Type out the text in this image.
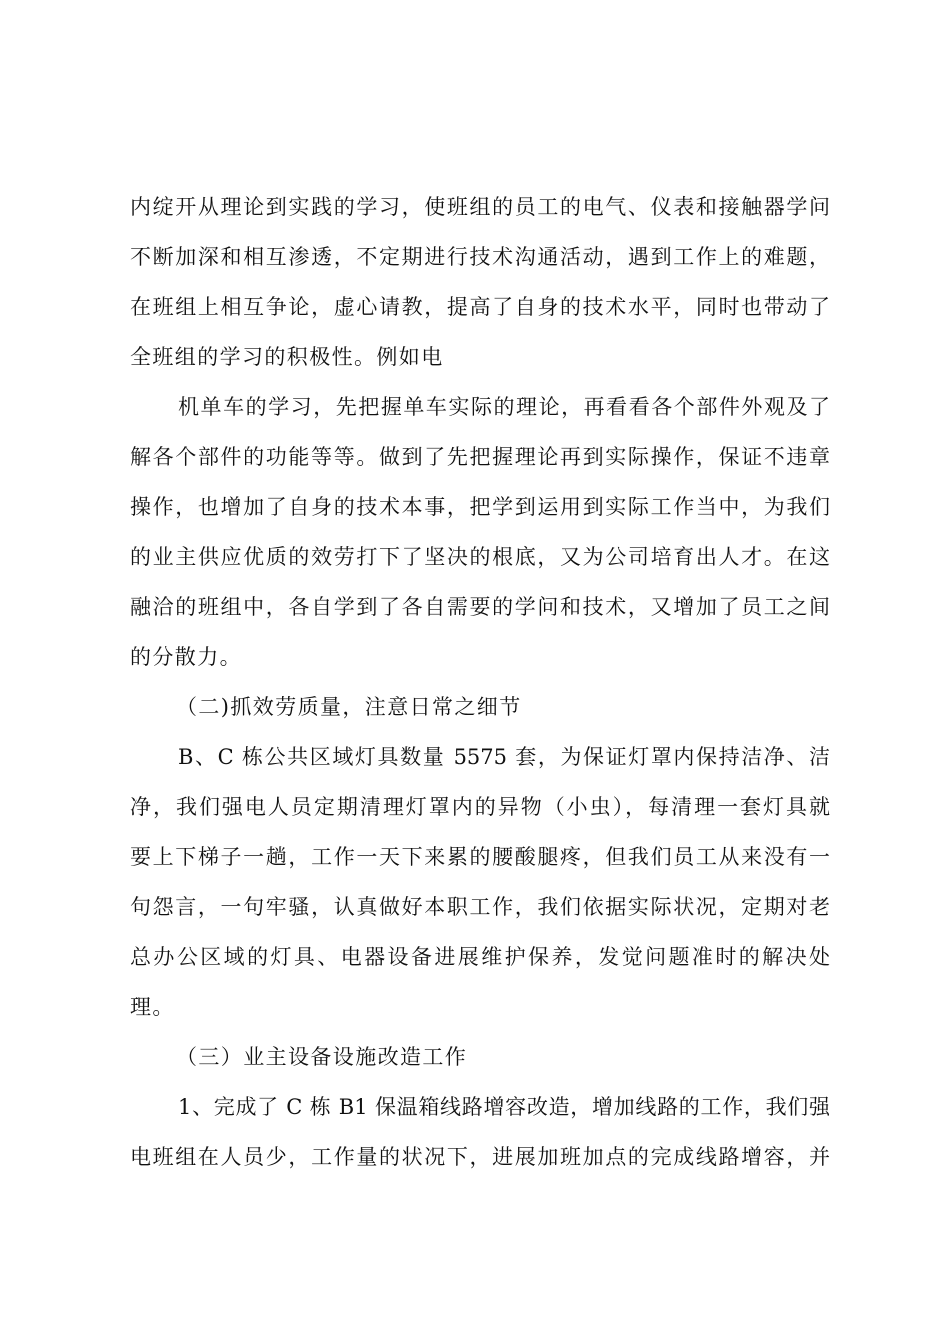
内绽开从理论到实践的学习，使班组的员工的电气、仪表和接触器学问
不断加深和相互渗透，不定期进行技术沟通活动，遇到工作上的难题，
在班组上相互争论，虚心请教，提高了自身的技术水平，同时也带动了
全班组的学习的积极性。例如电
机单车的学习，先把握单车实际的理论，再看看各个部件外观及了
解各个部件的功能等等。做到了先把握理论再到实际操作，保证不违章
操作，也增加了自身的技术本事，把学到运用到实际工作当中，为我们
的业主供应优质的效劳打下了坚决的根底，又为公司培育出人才。在这
融洽的班组中，各自学到了各自需要的学问和技术，又增加了员工之间
的分散力。
（二)抓效劳质量，注意日常之细节
B、C 栋公共区域灯具数量 5575 套，为保证灯罩内保持洁净、洁
净，我们强电人员定期清理灯罩内的异物（小虫），每清理一套灯具就
要上下梯子一趟，工作一天下来累的腰酸腿疼，但我们员工从来没有一
句怨言，一句牢骚，认真做好本职工作，我们依据实际状况，定期对老
总办公区域的灯具、电器设备进展维护保养，发觉问题准时的解决处
理。
（三）业主设备设施改造工作
1、完成了 C 栋 B1 保温箱线路增容改造，增加线路的工作，我们强
电班组在人员少，工作量的状况下，进展加班加点的完成线路增容，并
